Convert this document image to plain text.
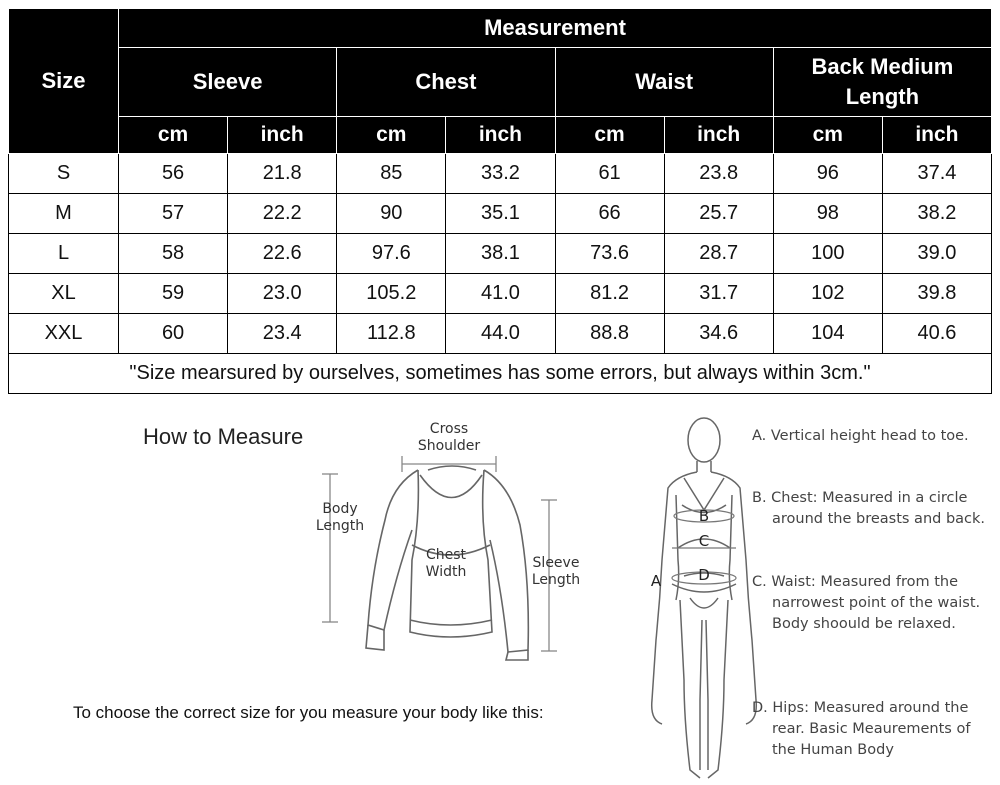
Size	Measurement							
	Sleeve		Chest		Waist		Back Medium Length	
	cm	inch	cm	inch	cm	inch	cm	inch
S	56	21.8	85	33.2	61	23.8	96	37.4
M	57	22.2	90	35.1	66	25.7	98	38.2
L	58	22.6	97.6	38.1	73.6	28.7	100	39.0
XL	59	23.0	105.2	41.0	81.2	31.7	102	39.8
XXL	60	23.4	112.8	44.0	88.8	34.6	104	40.6
"Size mearsured by ourselves, sometimes has some errors, but always within 3cm."								
How to Measure	Cross
Shoulder
Body
Length
Chest
Width
Sleeve
Length	A
B
C
D
A. Vertical height head to toe.
B. Chest: Measured in a circle around the breasts and back.
C. Waist: Measured from the narrowest point of the waist. Body shoould be relaxed.
D. Hips: Measured around the rear. Basic Meaurements of the Human Body
To choose the correct size for you measure your body like this:
